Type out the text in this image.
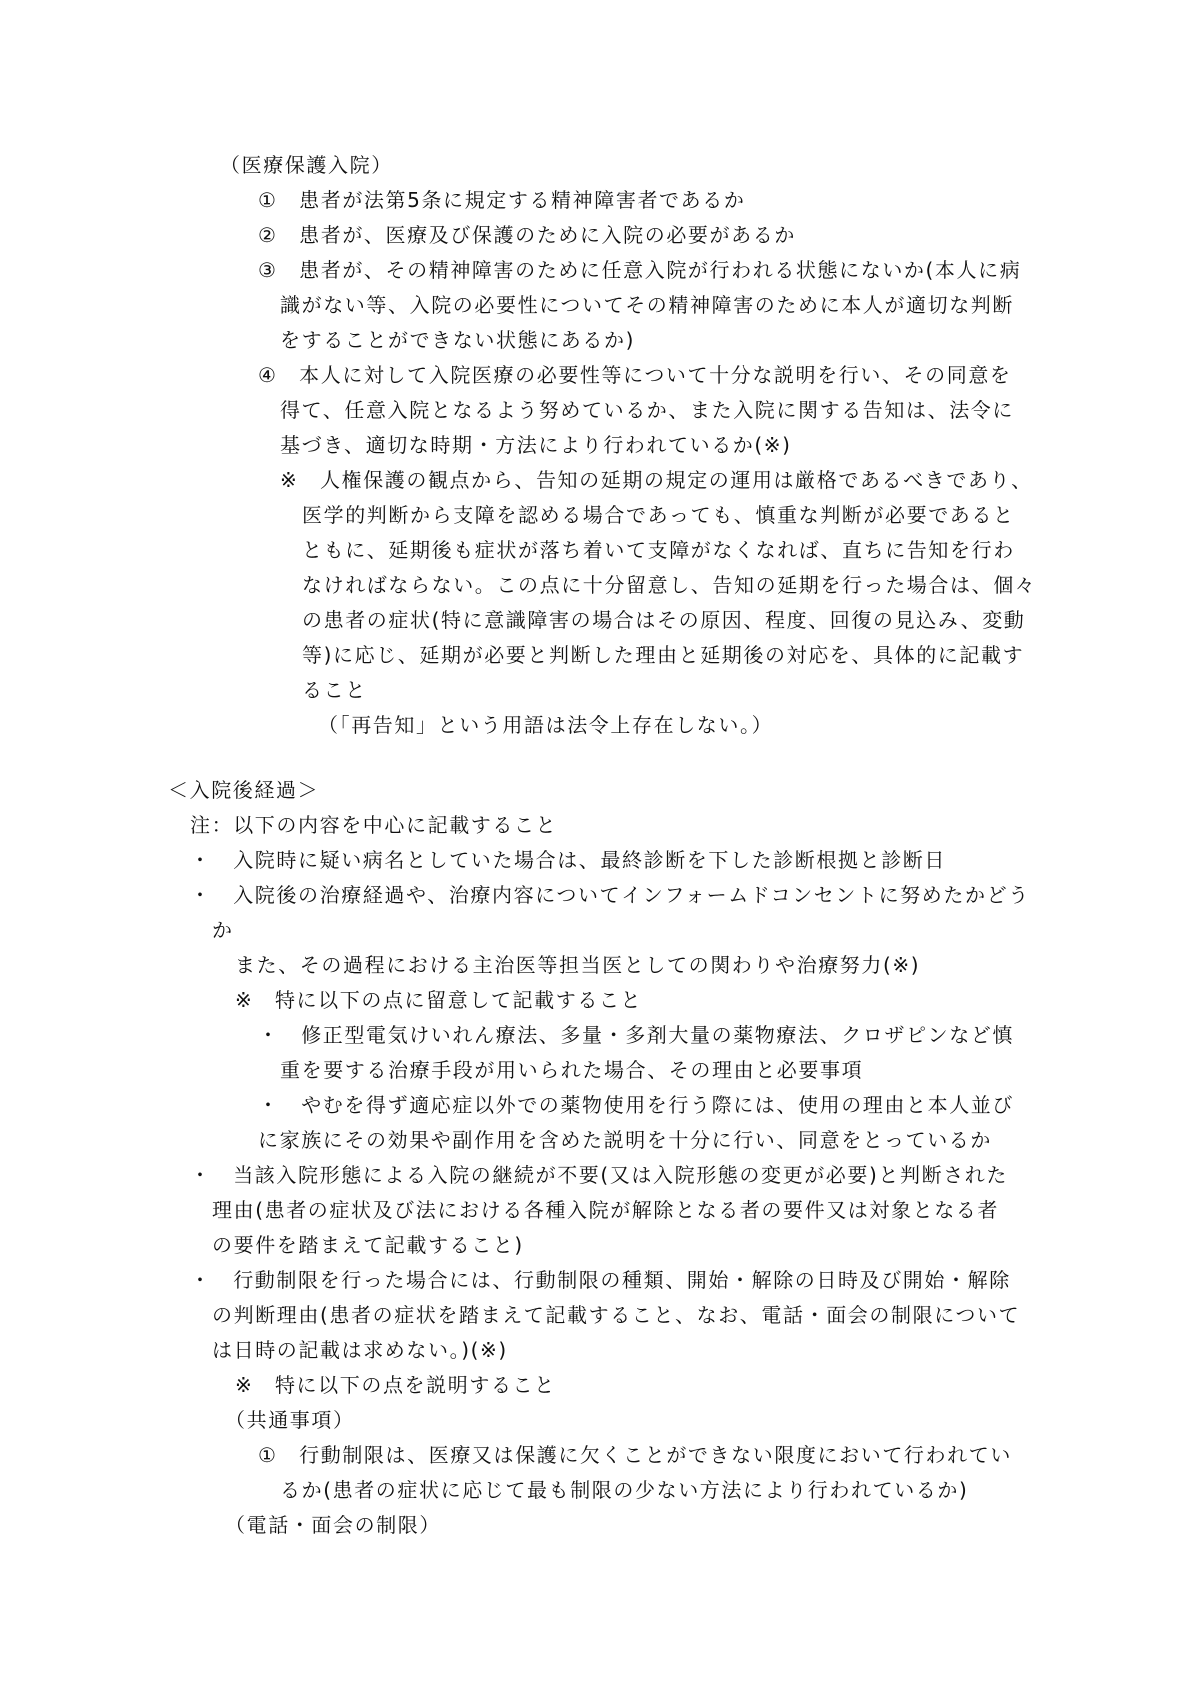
（医療保護入院）
①　患者が法第5条に規定する精神障害者であるか
②　患者が、医療及び保護のために入院の必要があるか
③　患者が、その精神障害のために任意入院が行われる状態にないか(本人に病
識がない等、入院の必要性についてその精神障害のために本人が適切な判断
をすることができない状態にあるか)
④　本人に対して入院医療の必要性等について十分な説明を行い、その同意を
得て、任意入院となるよう努めているか、また入院に関する告知は、法令に
基づき、適切な時期・方法により行われているか(※)
※　人権保護の観点から、告知の延期の規定の運用は厳格であるべきであり、
医学的判断から支障を認める場合であっても、慎重な判断が必要であると
ともに、延期後も症状が落ち着いて支障がなくなれば、直ちに告知を行わ
なければならない。この点に十分留意し、告知の延期を行った場合は、個々
の患者の症状(特に意識障害の場合はその原因、程度、回復の見込み、変動
等)に応じ、延期が必要と判断した理由と延期後の対応を、具体的に記載す
ること
（「再告知」という用語は法令上存在しない。）
＜入院後経過＞
注：以下の内容を中心に記載すること
・　入院時に疑い病名としていた場合は、最終診断を下した診断根拠と診断日
・　入院後の治療経過や、治療内容についてインフォームドコンセントに努めたかどう
か
また、その過程における主治医等担当医としての関わりや治療努力(※)
※　特に以下の点に留意して記載すること
・　修正型電気けいれん療法、多量・多剤大量の薬物療法、クロザピンなど慎
重を要する治療手段が用いられた場合、その理由と必要事項
・　やむを得ず適応症以外での薬物使用を行う際には、使用の理由と本人並び
に家族にその効果や副作用を含めた説明を十分に行い、同意をとっているか
・　当該入院形態による入院の継続が不要(又は入院形態の変更が必要)と判断された
理由(患者の症状及び法における各種入院が解除となる者の要件又は対象となる者
の要件を踏まえて記載すること)
・　行動制限を行った場合には、行動制限の種類、開始・解除の日時及び開始・解除
の判断理由(患者の症状を踏まえて記載すること、なお、電話・面会の制限について
は日時の記載は求めない。)(※)
※　特に以下の点を説明すること
（共通事項）
①　行動制限は、医療又は保護に欠くことができない限度において行われてい
るか(患者の症状に応じて最も制限の少ない方法により行われているか)
（電話・面会の制限）
